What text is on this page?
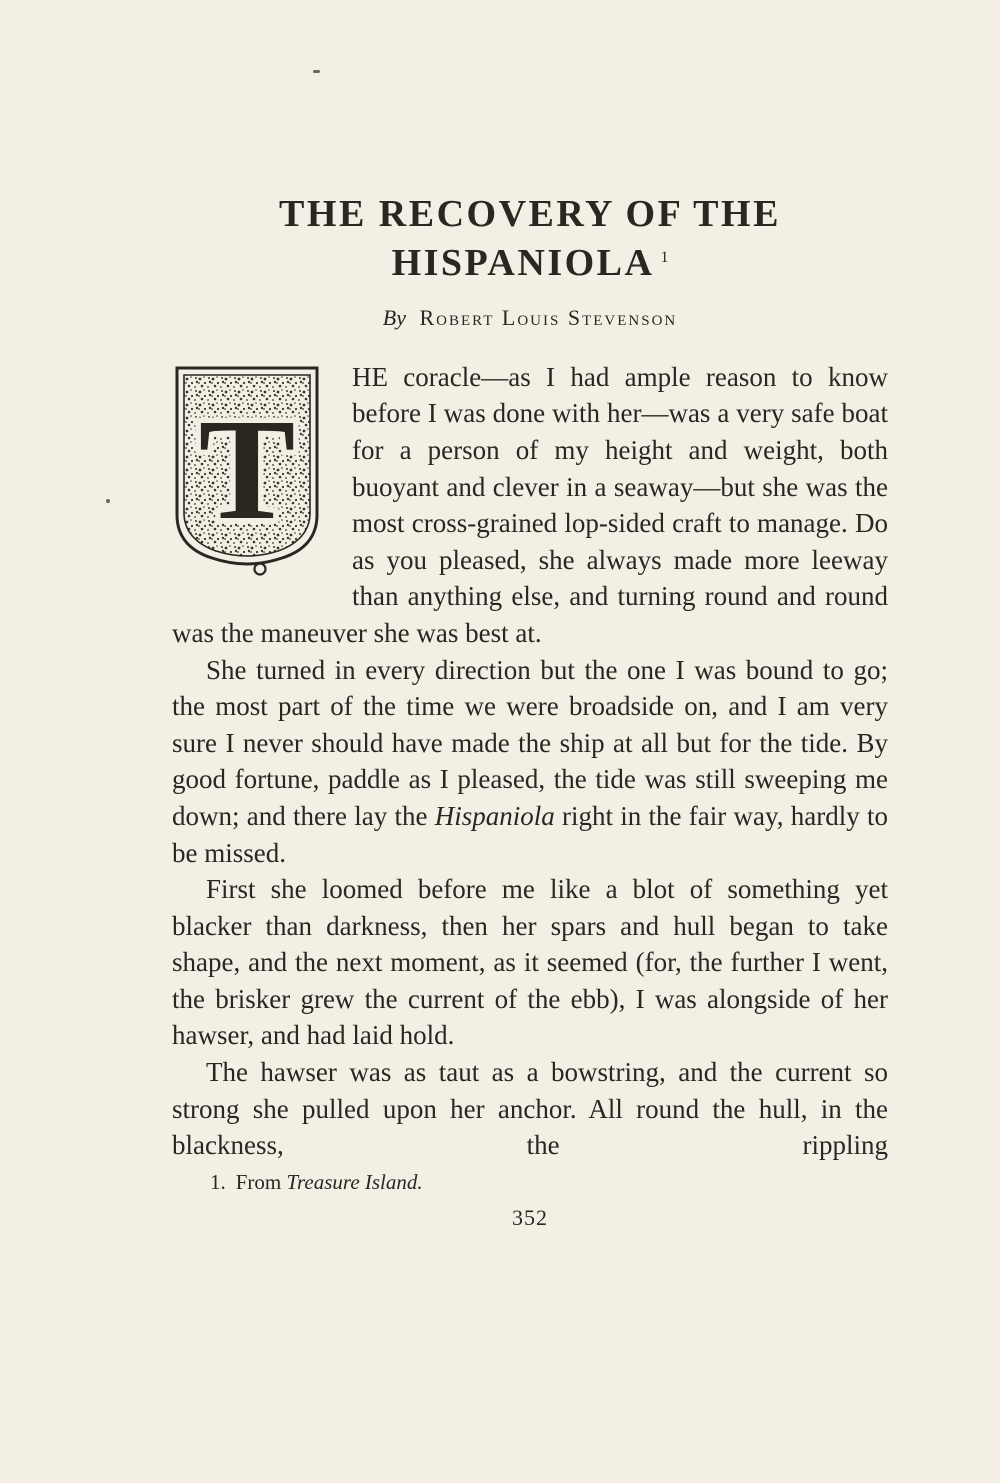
THE RECOVERY OF THE
HISPANIOLA $^1$
By Robert Louis Stevenson

T
HE coracle—as I had ample reason to know before I was done with her—was a very safe boat for a person of my height and weight, both buoyant and clever in a seaway—but she was the most cross-grained lop-sided craft to manage. Do as you pleased, she always made more leeway than anything else, and turning round and round was the maneuver she was best at.

She turned in every direction but the one I was bound to go; the most part of the time we were broadside on, and I am very sure I never should have made the ship at all but for the tide. By good fortune, paddle as I pleased, the tide was still sweeping me down; and there lay the Hispaniola right in the fair way, hardly to be missed.

First she loomed before me like a blot of something yet blacker than darkness, then her spars and hull began to take shape, and the next moment, as it seemed (for, the further I went, the brisker grew the current of the ebb), I was alongside of her hawser, and had laid hold.

The hawser was as taut as a bowstring, and the current so strong she pulled upon her anchor. All round the hull, in the blackness, the rippling

1. From Treasure Island.
352
